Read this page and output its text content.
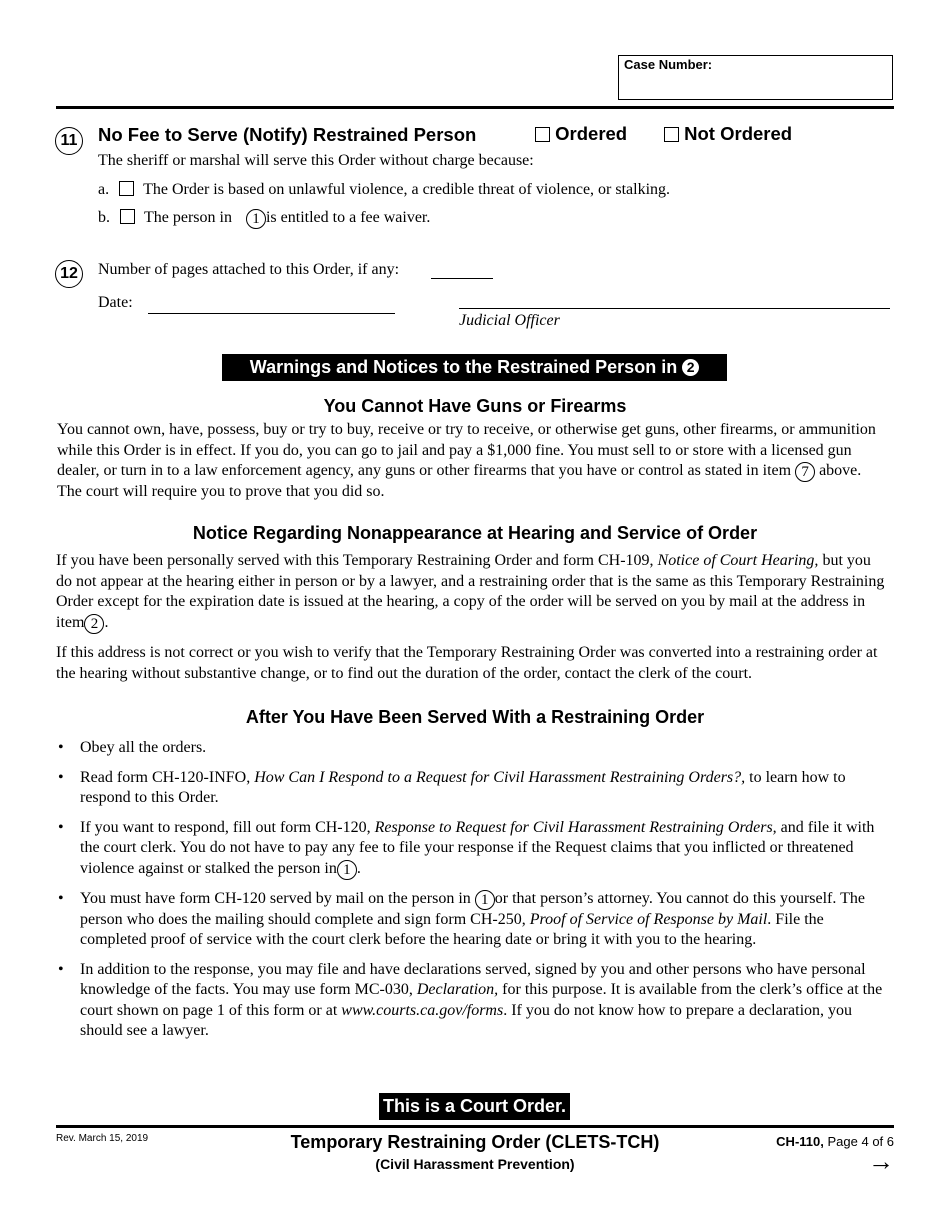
Case Number:
11 No Fee to Serve (Notify) Restrained Person	Ordered	Not Ordered
The sheriff or marshal will serve this Order without charge because:
a. The Order is based on unlawful violence, a credible threat of violence, or stalking.
b. The person in 1 is entitled to a fee waiver.
12	Number of pages attached to this Order, if any:
Date:
Judicial Officer
Warnings and Notices to the Restrained Person in 2
You Cannot Have Guns or Firearms
You cannot own, have, possess, buy or try to buy, receive or try to receive, or otherwise get guns, other firearms, or ammunition while this Order is in effect. If you do, you can go to jail and pay a $1,000 fine. You must sell to or store with a licensed gun dealer, or turn in to a law enforcement agency, any guns or other firearms that you have or control as stated in item 7 above. The court will require you to prove that you did so.
Notice Regarding Nonappearance at Hearing and Service of Order
If you have been personally served with this Temporary Restraining Order and form CH-109, Notice of Court Hearing, but you do not appear at the hearing either in person or by a lawyer, and a restraining order that is the same as this Temporary Restraining Order except for the expiration date is issued at the hearing, a copy of the order will be served on you by mail at the address in item 2 .
If this address is not correct or you wish to verify that the Temporary Restraining Order was converted into a restraining order at the hearing without substantive change, or to find out the duration of the order, contact the clerk of the court.
After You Have Been Served With a Restraining Order
• Obey all the orders.
• Read form CH-120-INFO, How Can I Respond to a Request for Civil Harassment Restraining Orders?, to learn how to respond to this Order.
• If you want to respond, fill out form CH-120, Response to Request for Civil Harassment Restraining Orders, and file it with the court clerk. You do not have to pay any fee to file your response if the Request claims that you inflicted or threatened violence against or stalked the person in 1 .
• You must have form CH-120 served by mail on the person in 1 or that person’s attorney. You cannot do this yourself. The person who does the mailing should complete and sign form CH-250, Proof of Service of Response by Mail. File the completed proof of service with the court clerk before the hearing date or bring it with you to the hearing.
• In addition to the response, you may file and have declarations served, signed by you and other persons who have personal knowledge of the facts. You may use form MC-030, Declaration, for this purpose. It is available from the clerk’s office at the court shown on page 1 of this form or at www.courts.ca.gov/forms. If you do not know how to prepare a declaration, you should see a lawyer.
This is a Court Order.
Rev. March 15, 2019	Temporary Restraining Order (CLETS-TCH)
(Civil Harassment Prevention)
CH-110, Page 4 of 6
→
